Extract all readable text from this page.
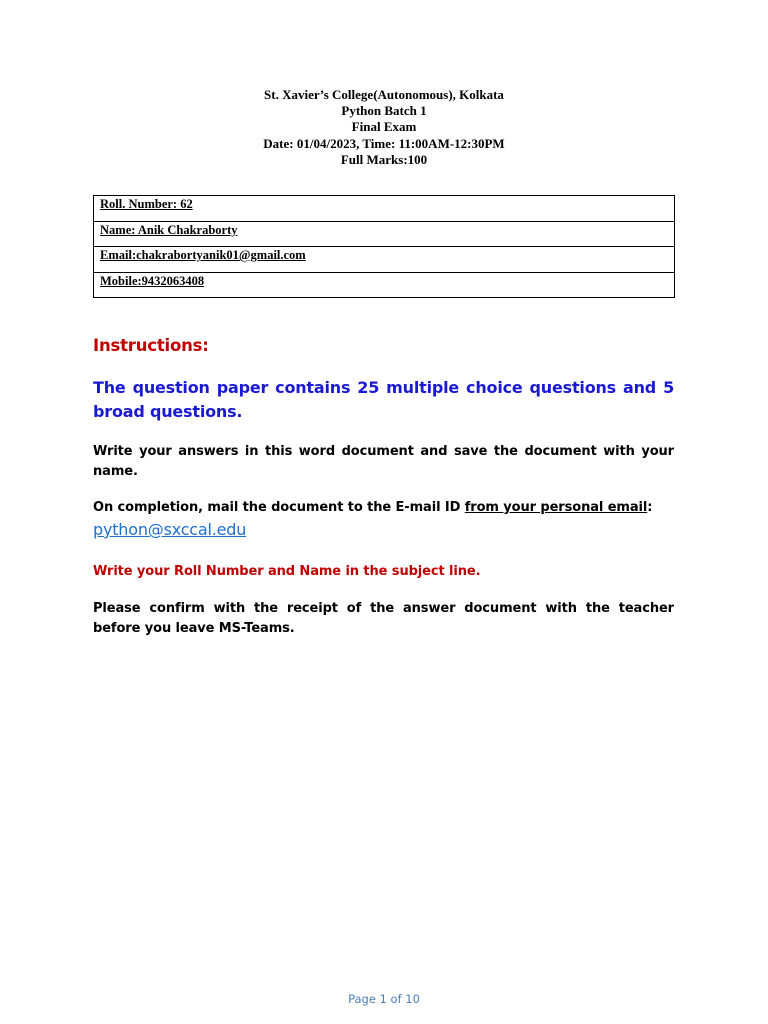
St. Xavier’s College(Autonomous), Kolkata
Python Batch 1
Final Exam
Date: 01/04/2023, Time: 11:00AM-12:30PM
Full Marks:100
Roll. Number: 62
Name: Anik Chakraborty
Email:chakrabortyanik01@gmail.com
Mobile:9432063408
Instructions:
The question paper contains 25 multiple choice questions and 5 broad questions.
Write your answers in this word document and save the document with your name.
On completion, mail the document to the E-mail ID from your personal email:
python@sxccal.edu
Write your Roll Number and Name in the subject line.
Please confirm with the receipt of the answer document with the teacher before you leave MS-Teams.
Page 1 of 10
